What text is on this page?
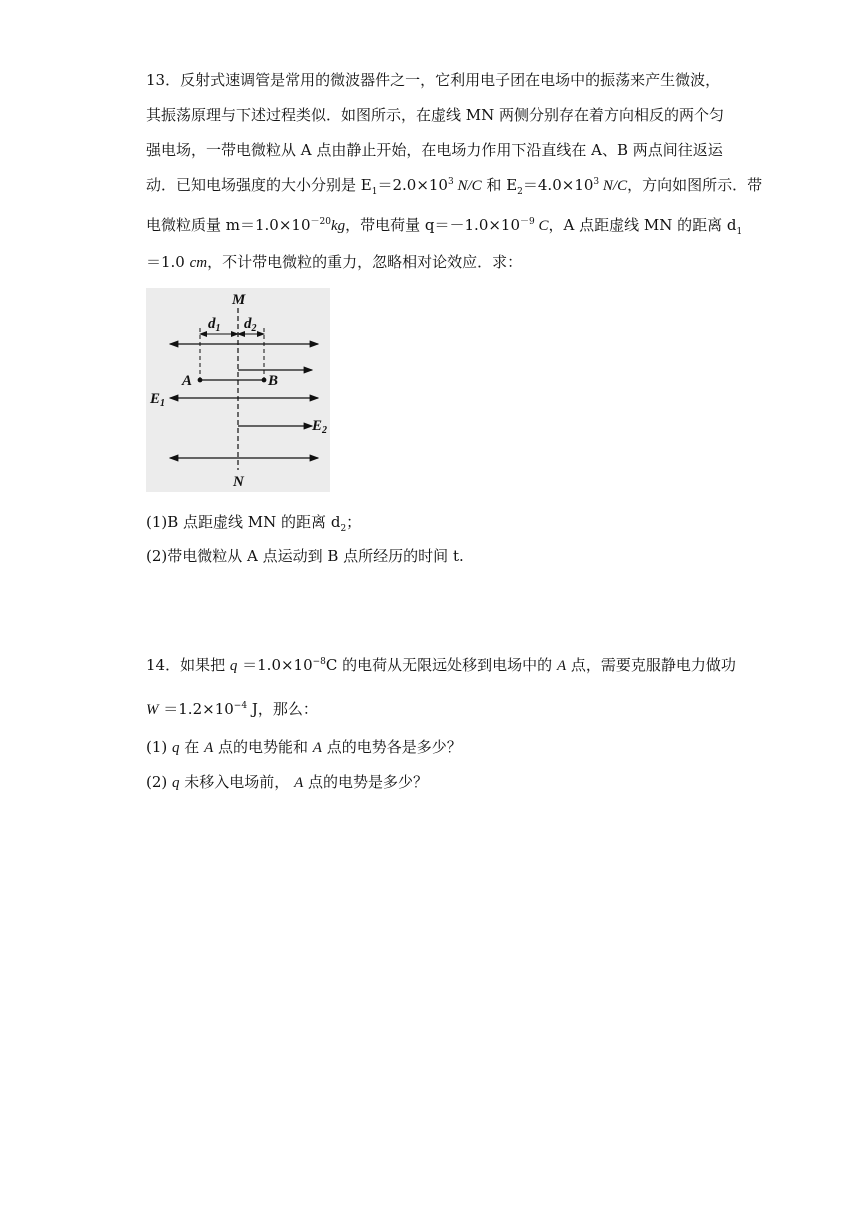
13．反射式速调管是常用的微波器件之一，它利用电子团在电场中的振荡来产生微波，
其振荡原理与下述过程类似．如图所示，在虚线 MN 两侧分别存在着方向相反的两个匀
强电场，一带电微粒从 A 点由静止开始，在电场力作用下沿直线在 A、B 两点间往返运
动．已知电场强度的大小分别是 $E_1=2.0\times 10^3$ N/C 和 $E_2=4.0\times 10^3$ N/C，方向如图所示．带
电微粒质量 $m=1.0\times 10^{-20}kg$，带电荷量 $q=-1.0\times 10^{-9}$ C，A 点距虚线 MN 的距离 $d_1$
＝1.0 cm，不计带电微粒的重力，忽略相对论效应．求：
M
N
A	B
$d_1$ $d_2$
$E_1$
$E_2$
(1)B 点距虚线 MN 的距离 $d_2$；
(2)带电微粒从 A 点运动到 B 点所经历的时间 t.
14．如果把 $q =1.0\times 10^{-8}C$ 的电荷从无限远处移到电场中的 A 点，需要克服静电力做功
$W =1.2\times 10^{-4}$ J，那么：
(1) q 在 A 点的电势能和 A 点的电势各是多少？
(2) q 未移入电场前， A 点的电势是多少？
